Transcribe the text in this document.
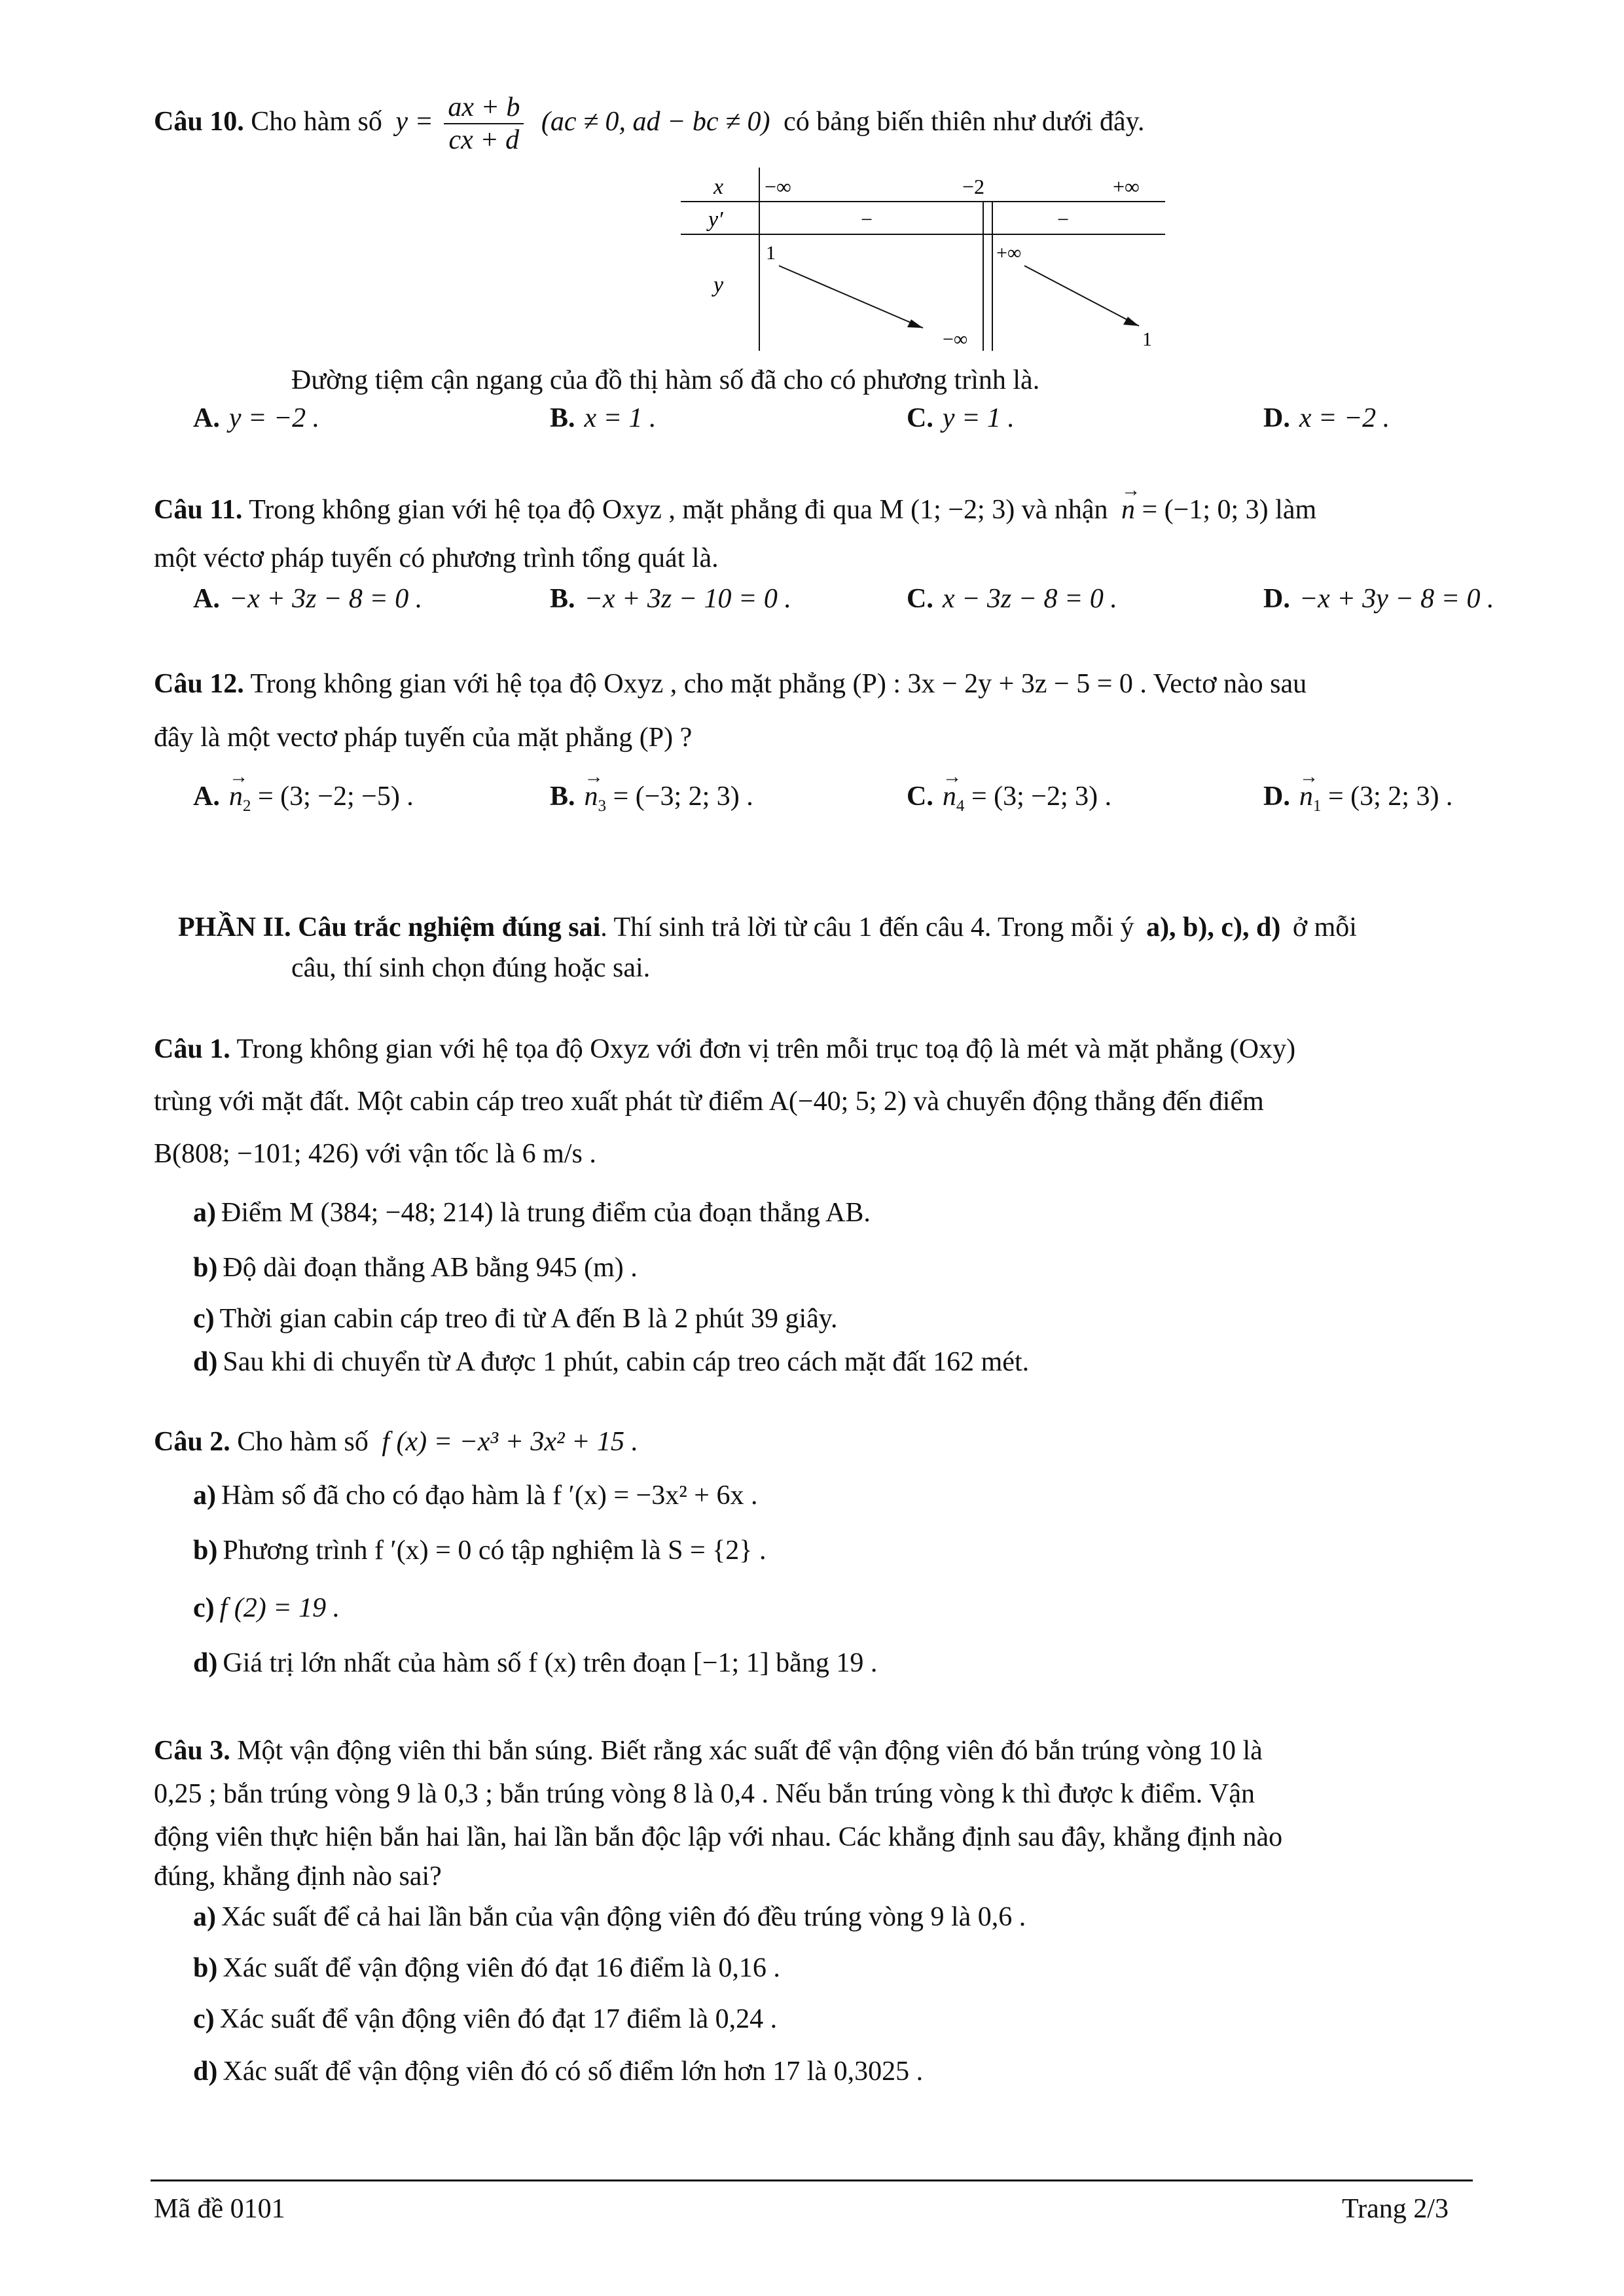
Câu 10. Cho hàm số $y = \frac{ax + b}{cx + d} (ac \ne 0$, ad − bc ≠ 0) có bảng biến thiên như dưới đây.
x
y′
y
−∞	−2	+∞
−	−
1
−∞
+∞
1
Đường tiệm cận ngang của đồ thị hàm số đã cho có phương trình là.
A. y = −2 .	B. x = 1 .	C. y = 1 .	D. x = −2 .
Câu 11. Trong không gian với hệ tọa độ Oxyz , mặt phẳng đi qua M (1; −2; 3) và nhận → n = (−1; 0; 3) làm
một véctơ pháp tuyến có phương trình tổng quát là.
A. −x + 3z − 8 = 0 .	B. −x + 3z − 10 = 0 .	C. x − 3z − 8 = 0 .	D. −x + 3y − 8 = 0 .
Câu 12. Trong không gian với hệ tọa độ Oxyz , cho mặt phẳng (P) : 3x − 2y + 3z − 5 = 0 . Vectơ nào sau
đây là một vectơ pháp tuyến của mặt phẳng (P) ?
$A.\to n_2 = (3$; −2; −5) .	$B.\to n_3 = (-3$; 2; 3) .	$C.\to n_4 = (3$; −2; 3) .	$D.\to n_1 = (3$; 2; 3) .
PHẦN II. Câu trắc nghiệm đúng sai. Thí sinh trả lời từ câu 1 đến câu 4. Trong mỗi ý a), b), c), d) ở mỗi
câu, thí sinh chọn đúng hoặc sai.
Câu 1. Trong không gian với hệ tọa độ Oxyz với đơn vị trên mỗi trục toạ độ là mét và mặt phẳng (Oxy)
trùng với mặt đất. Một cabin cáp treo xuất phát từ điểm A(−40; 5; 2) và chuyển động thẳng đến điểm
B(808; −101; 426) với vận tốc là 6 m/s .
a) Điểm M (384; −48; 214) là trung điểm của đoạn thẳng AB.
b) Độ dài đoạn thẳng AB bằng 945 (m) .
c) Thời gian cabin cáp treo đi từ A đến B là 2 phút 39 giây.
d) Sau khi di chuyển từ A được 1 phút, cabin cáp treo cách mặt đất 162 mét.
Câu 2. Cho hàm số f (x) = −x³ + 3x² + 15 .
a) Hàm số đã cho có đạo hàm là f ′(x) = −3x² + 6x .
b) Phương trình f ′(x) = 0 có tập nghiệm là S = {2} .
c) f (2) = 19 .
d) Giá trị lớn nhất của hàm số f (x) trên đoạn [−1; 1] bằng 19 .
Câu 3. Một vận động viên thi bắn súng. Biết rằng xác suất để vận động viên đó bắn trúng vòng 10 là
0,25 ; bắn trúng vòng 9 là 0,3 ; bắn trúng vòng 8 là 0,4 . Nếu bắn trúng vòng k thì được k điểm. Vận
động viên thực hiện bắn hai lần, hai lần bắn độc lập với nhau. Các khẳng định sau đây, khẳng định nào
đúng, khẳng định nào sai?
a) Xác suất để cả hai lần bắn của vận động viên đó đều trúng vòng 9 là 0,6 .
b) Xác suất để vận động viên đó đạt 16 điểm là 0,16 .
c) Xác suất để vận động viên đó đạt 17 điểm là 0,24 .
d) Xác suất để vận động viên đó có số điểm lớn hơn 17 là 0,3025 .
Mã đề 0101	Trang 2/3
